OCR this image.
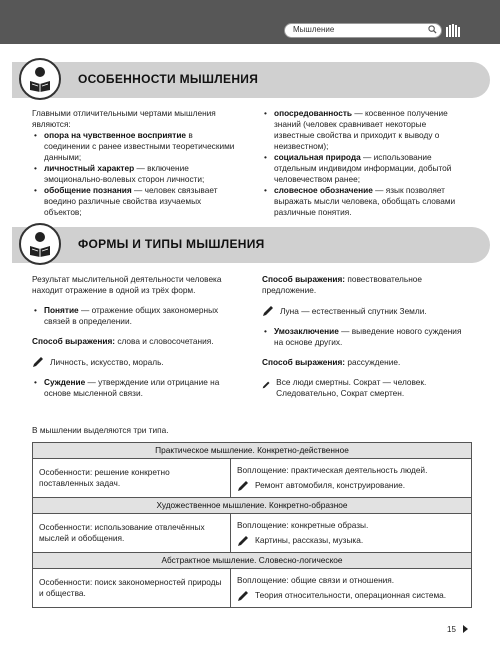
Мышление
ОСОБЕННОСТИ МЫШЛЕНИЯ

Главными отличительными чертами мышления являются:

• опора на чувственное восприятие в соединении с ранее известными теоретическими данными;
• личностный характер — включение эмоционально-волевых сторон личности;
• обобщение познания — человек связывает воедино различные свойства изучаемых объектов;
• опосредованность — косвенное получение знаний (человек сравнивает некоторые известные свойства и приходит к выводу о неизвестном);
• социальная природа — использование отдельным индивидом информации, добытой человечеством ранее;
• словесное обозначение — язык позволяет выражать мысли человека, обобщать словами различные понятия.
ФОРМЫ И ТИПЫ МЫШЛЕНИЯ

Результат мыслительной деятельности человека находит отражение в одной из трёх форм.

• Понятие — отражение общих закономерных связей в определении.

Способ выражения: слова и словосочетания.

Личность, искусство, мораль.
• Суждение — утверждение или отрицание на основе мысленной связи.

Способ выражения: повествовательное предложение.

Луна — естественный спутник Земли.
• Умозаключение — выведение нового суждения на основе других.

Способ выражения: рассуждение.

Все люди смертны. Сократ — человек. Следовательно, Сократ смертен.

В мышлении выделяются три типа.

Практическое мышление. Конкретно-действенное	
Особенности: решение конкретно поставленных задач.	Воплощение: практическая деятельность людей.
Ремонт автомобиля, конструирование.

Художественное мышление. Конкретно-образное	
Особенности: использование отвлечённых мыслей и обобщения.	Воплощение: конкретные образы.
Картины, рассказы, музыка.

Абстрактное мышление. Словесно-логическое	
Особенности: поиск закономерностей природы и общества.	Воплощение: общие связи и отношения.
Теория относительности, операционная система.
15
